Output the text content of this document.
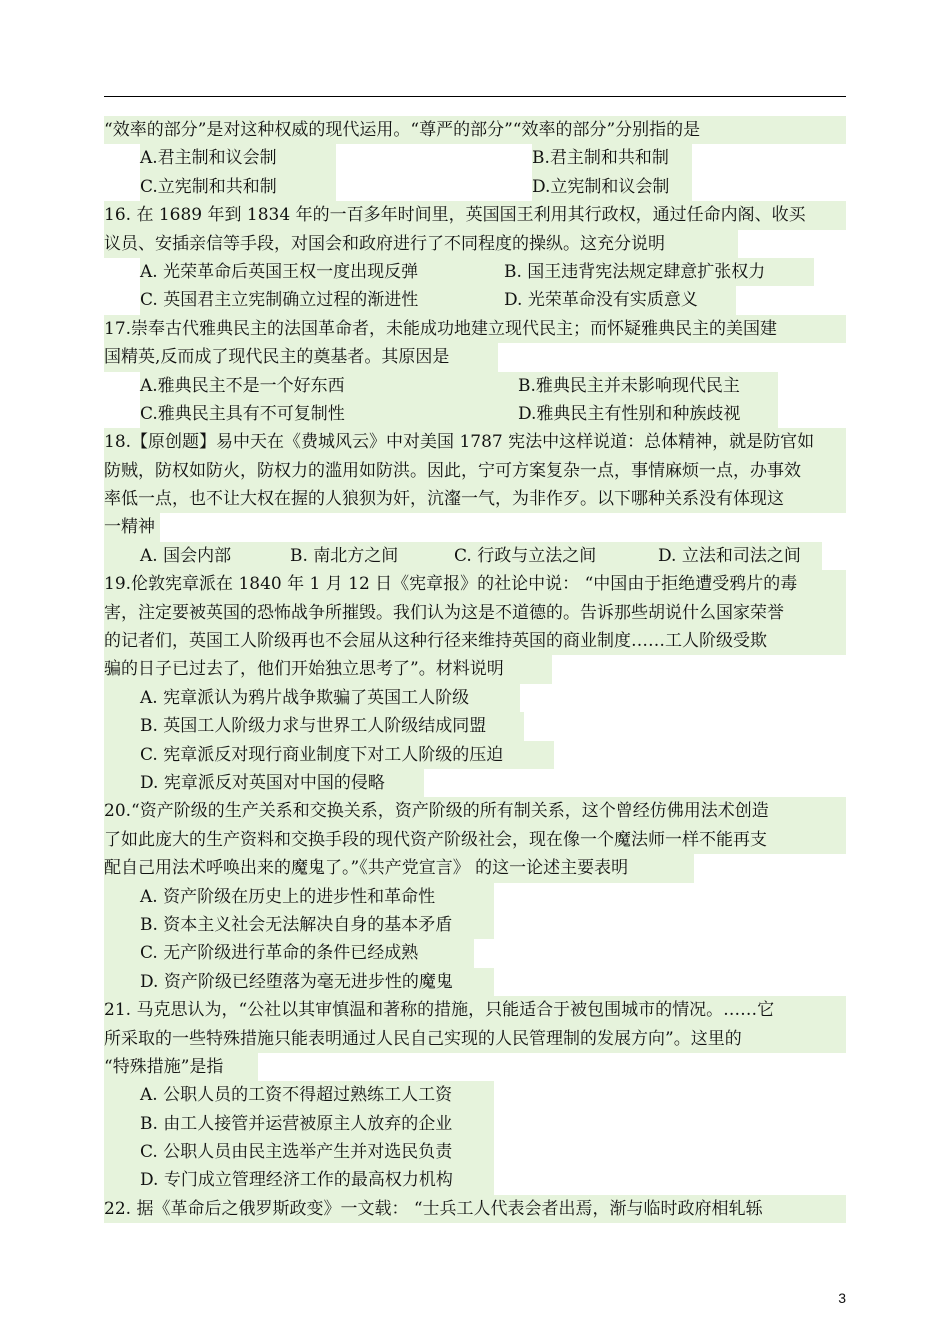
“效率的部分”是对这种权威的现代运用。“尊严的部分”“效率的部分”分别指的是
A.君主制和议会制	B.君主制和共和制
C.立宪制和共和制	D.立宪制和议会制
16. 在 1689 年到 1834 年的一百多年时间里，英国国王利用其行政权，通过任命内阁、收买
议员、安插亲信等手段，对国会和政府进行了不同程度的操纵。这充分说明
A. 光荣革命后英国王权一度出现反弹	B. 国王违背宪法规定肆意扩张权力
C. 英国君主立宪制确立过程的渐进性	D. 光荣革命没有实质意义
17.崇奉古代雅典民主的法国革命者，未能成功地建立现代民主；而怀疑雅典民主的美国建
国精英,反而成了现代民主的奠基者。其原因是
A.雅典民主不是一个好东西	B.雅典民主并未影响现代民主
C.雅典民主具有不可复制性	D.雅典民主有性别和种族歧视
18.【原创题】易中天在《费城风云》中对美国 1787 宪法中这样说道：总体精神，就是防官如
防贼，防权如防火，防权力的滥用如防洪。因此，宁可方案复杂一点，事情麻烦一点，办事效
率低一点，也不让大权在握的人狼狈为奸，沆瀣一气，为非作歹。以下哪种关系没有体现这
一精神
A. 国会内部	B. 南北方之间	C. 行政与立法之间	D. 立法和司法之间
19.伦敦宪章派在 1840 年 1 月 12 日《宪章报》的社论中说： “中国由于拒绝遭受鸦片的毒
害，注定要被英国的恐怖战争所摧毁。我们认为这是不道德的。告诉那些胡说什么国家荣誉
的记者们，英国工人阶级再也不会屈从这种行径来维持英国的商业制度……工人阶级受欺
骗的日子已过去了，他们开始独立思考了”。材料说明
A. 宪章派认为鸦片战争欺骗了英国工人阶级
B. 英国工人阶级力求与世界工人阶级结成同盟
C. 宪章派反对现行商业制度下对工人阶级的压迫
D. 宪章派反对英国对中国的侵略
20.“资产阶级的生产关系和交换关系，资产阶级的所有制关系，这个曾经仿佛用法术创造
了如此庞大的生产资料和交换手段的现代资产阶级社会，现在像一个魔法师一样不能再支
配自己用法术呼唤出来的魔鬼了。”《共产党宣言》 的这一论述主要表明
A. 资产阶级在历史上的进步性和革命性
B. 资本主义社会无法解决自身的基本矛盾
C. 无产阶级进行革命的条件已经成熟
D. 资产阶级已经堕落为毫无进步性的魔鬼
21. 马克思认为，“公社以其审慎温和著称的措施，只能适合于被包围城市的情况。……它
所采取的一些特殊措施只能表明通过人民自己实现的人民管理制的发展方向”。这里的
“特殊措施”是指
A. 公职人员的工资不得超过熟练工人工资
B. 由工人接管并运营被原主人放弃的企业
C. 公职人员由民主选举产生并对选民负责
D. 专门成立管理经济工作的最高权力机构
22. 据《革命后之俄罗斯政变》一文载： “士兵工人代表会者出焉，渐与临时政府相轧轹
3
